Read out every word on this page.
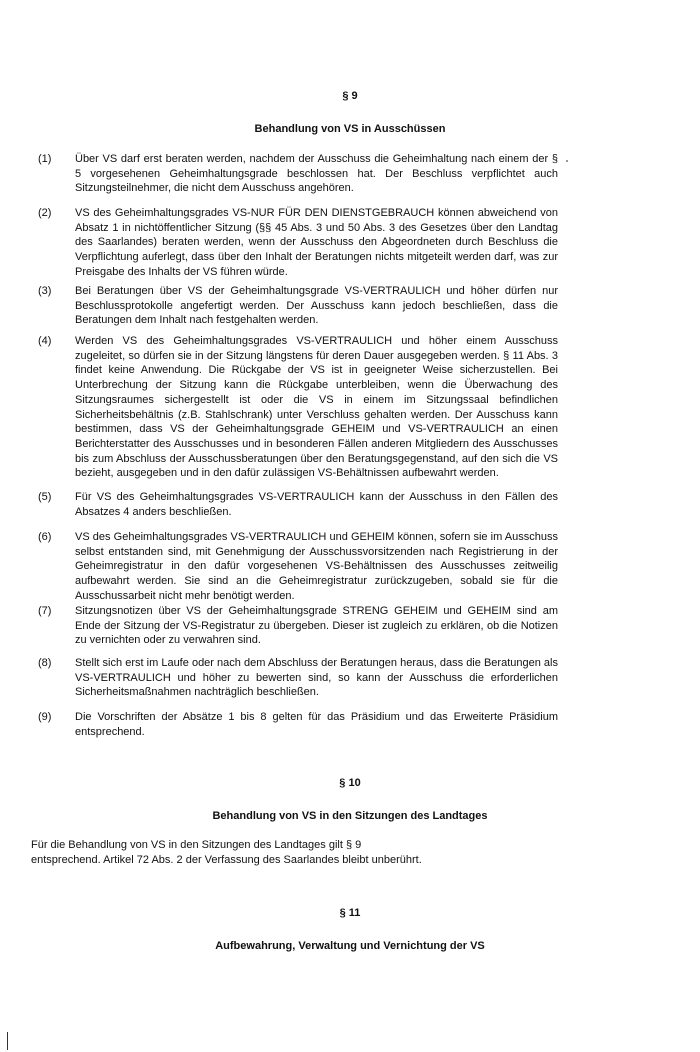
§ 9
Behandlung von VS in Ausschüssen
(1) Über VS darf erst beraten werden, nachdem der Ausschuss die Geheimhaltung nach einem der § 5 vorgesehenen Geheimhaltungsgrade beschlossen hat. Der Beschluss verpflichtet auch Sitzungsteilnehmer, die nicht dem Ausschuss angehören.
(2) VS des Geheimhaltungsgrades VS-NUR FÜR DEN DIENSTGEBRAUCH können abweichend von Absatz 1 in nichtöffentlicher Sitzung (§§ 45 Abs. 3 und 50 Abs. 3 des Gesetzes über den Landtag des Saarlandes) beraten werden, wenn der Ausschuss den Abgeordneten durch Beschluss die Verpflichtung auferlegt, dass über den Inhalt der Beratungen nichts mitgeteilt werden darf, was zur Preisgabe des Inhalts der VS führen würde.
(3) Bei Beratungen über VS der Geheimhaltungsgrade VS-VERTRAULICH und höher dürfen nur Beschlussprotokolle angefertigt werden. Der Ausschuss kann jedoch beschließen, dass die Beratungen dem Inhalt nach festgehalten werden.
(4) Werden VS des Geheimhaltungsgrades VS-VERTRAULICH und höher einem Ausschuss zugeleitet, so dürfen sie in der Sitzung längstens für deren Dauer ausgegeben werden. § 11 Abs. 3 findet keine Anwendung. Die Rückgabe der VS ist in geeigneter Weise sicherzustellen. Bei Unterbrechung der Sitzung kann die Rückgabe unterbleiben, wenn die Überwachung des Sitzungsraumes sichergestellt ist oder die VS in einem im Sitzungssaal befindlichen Sicherheitsbehältnis (z.B. Stahlschrank) unter Verschluss gehalten werden. Der Ausschuss kann bestimmen, dass VS der Geheimhaltungsgrade GEHEIM und VS-VERTRAULICH an einen Berichterstatter des Ausschusses und in besonderen Fällen anderen Mitgliedern des Ausschusses bis zum Abschluss der Ausschussberatungen über den Beratungsgegenstand, auf den sich die VS bezieht, ausgegeben und in den dafür zulässigen VS-Behältnissen aufbewahrt werden.
(5) Für VS des Geheimhaltungsgrades VS-VERTRAULICH kann der Ausschuss in den Fällen des Absatzes 4 anders beschließen.
(6) VS des Geheimhaltungsgrades VS-VERTRAULICH und GEHEIM können, sofern sie im Ausschuss selbst entstanden sind, mit Genehmigung der Ausschussvorsitzenden nach Registrierung in der Geheimregistratur in den dafür vorgesehenen VS-Behältnissen des Ausschusses zeitweilig aufbewahrt werden. Sie sind an die Geheimregistratur zurückzugeben, sobald sie für die Ausschussarbeit nicht mehr benötigt werden.
(7) Sitzungsnotizen über VS der Geheimhaltungsgrade STRENG GEHEIM und GEHEIM sind am Ende der Sitzung der VS-Registratur zu übergeben. Dieser ist zugleich zu erklären, ob die Notizen zu vernichten oder zu verwahren sind.
(8) Stellt sich erst im Laufe oder nach dem Abschluss der Beratungen heraus, dass die Beratungen als VS-VERTRAULICH und höher zu bewerten sind, so kann der Ausschuss die erforderlichen Sicherheitsmaßnahmen nachträglich beschließen.
(9) Die Vorschriften der Absätze 1 bis 8 gelten für das Präsidium und das Erweiterte Präsidium entsprechend.
§ 10
Behandlung von VS in den Sitzungen des Landtages
Für die Behandlung von VS in den Sitzungen des Landtages gilt § 9
entsprechend. Artikel 72 Abs. 2 der Verfassung des Saarlandes bleibt unberührt.
§ 11
Aufbewahrung, Verwaltung und Vernichtung der VS
